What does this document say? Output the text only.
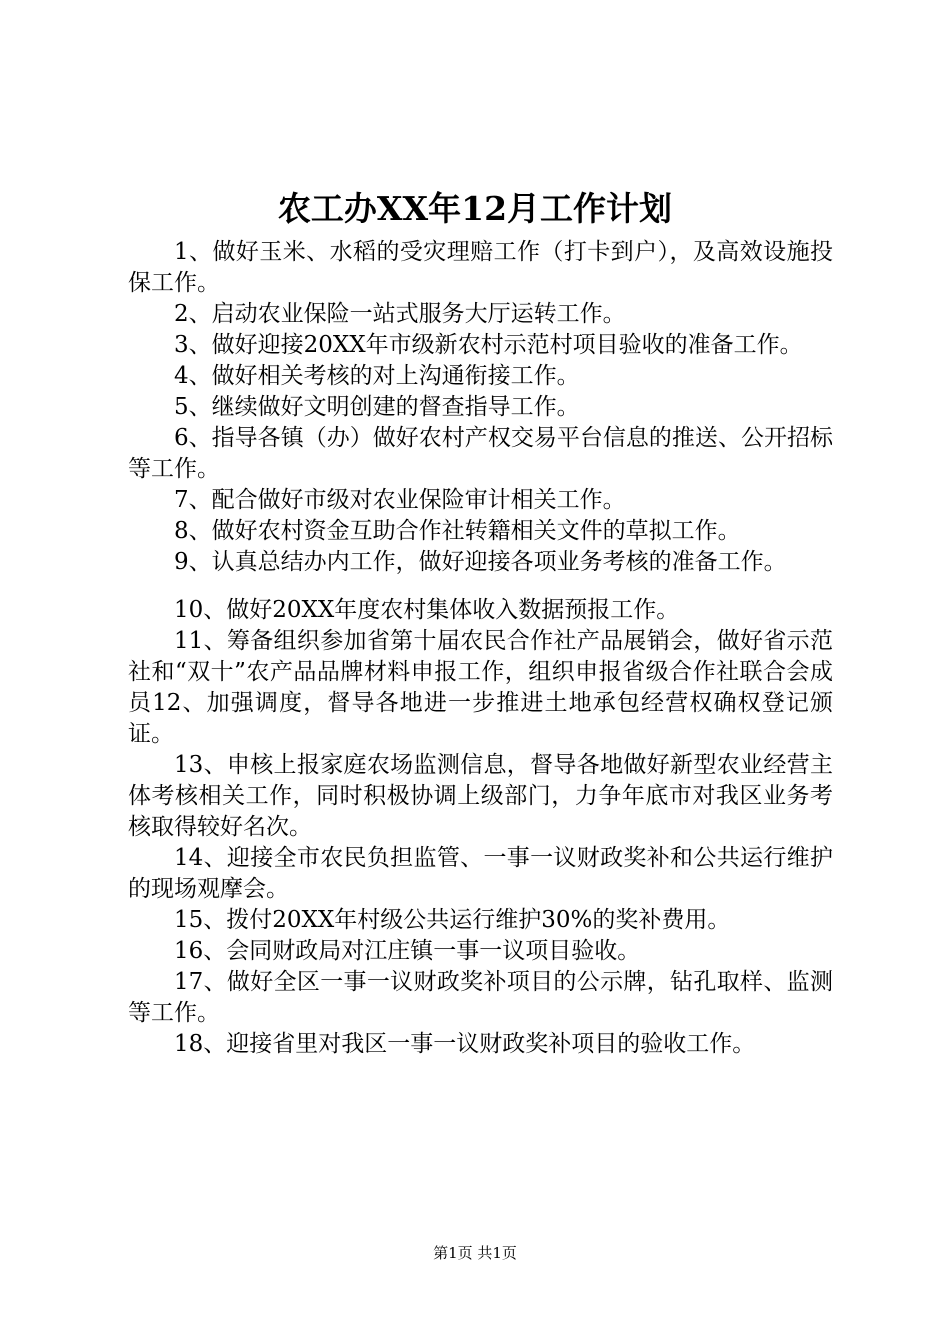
农工办XX年12月工作计划

1、做好玉米、水稻的受灾理赔工作（打卡到户），及高效设施投保工作。

2、启动农业保险一站式服务大厅运转工作。

3、做好迎接20XX年市级新农村示范村项目验收的准备工作。

4、做好相关考核的对上沟通衔接工作。

5、继续做好文明创建的督查指导工作。

6、指导各镇（办）做好农村产权交易平台信息的推送、公开招标等工作。

7、配合做好市级对农业保险审计相关工作。

8、做好农村资金互助合作社转籍相关文件的草拟工作。

9、认真总结办内工作，做好迎接各项业务考核的准备工作。

10、做好20XX年度农村集体收入数据预报工作。

11、筹备组织参加省第十届农民合作社产品展销会，做好省示范社和“双十”农产品品牌材料申报工作，组织申报省级合作社联合会成员12、加强调度，督导各地进一步推进土地承包经营权确权登记颁证。

13、申核上报家庭农场监测信息，督导各地做好新型农业经营主体考核相关工作，同时积极协调上级部门，力争年底市对我区业务考核取得较好名次。

14、迎接全市农民负担监管、一事一议财政奖补和公共运行维护的现场观摩会。

15、拨付20XX年村级公共运行维护30%的奖补费用。

16、会同财政局对江庄镇一事一议项目验收。

17、做好全区一事一议财政奖补项目的公示牌，钻孔取样、监测等工作。

18、迎接省里对我区一事一议财政奖补项目的验收工作。

第1页 共1页
